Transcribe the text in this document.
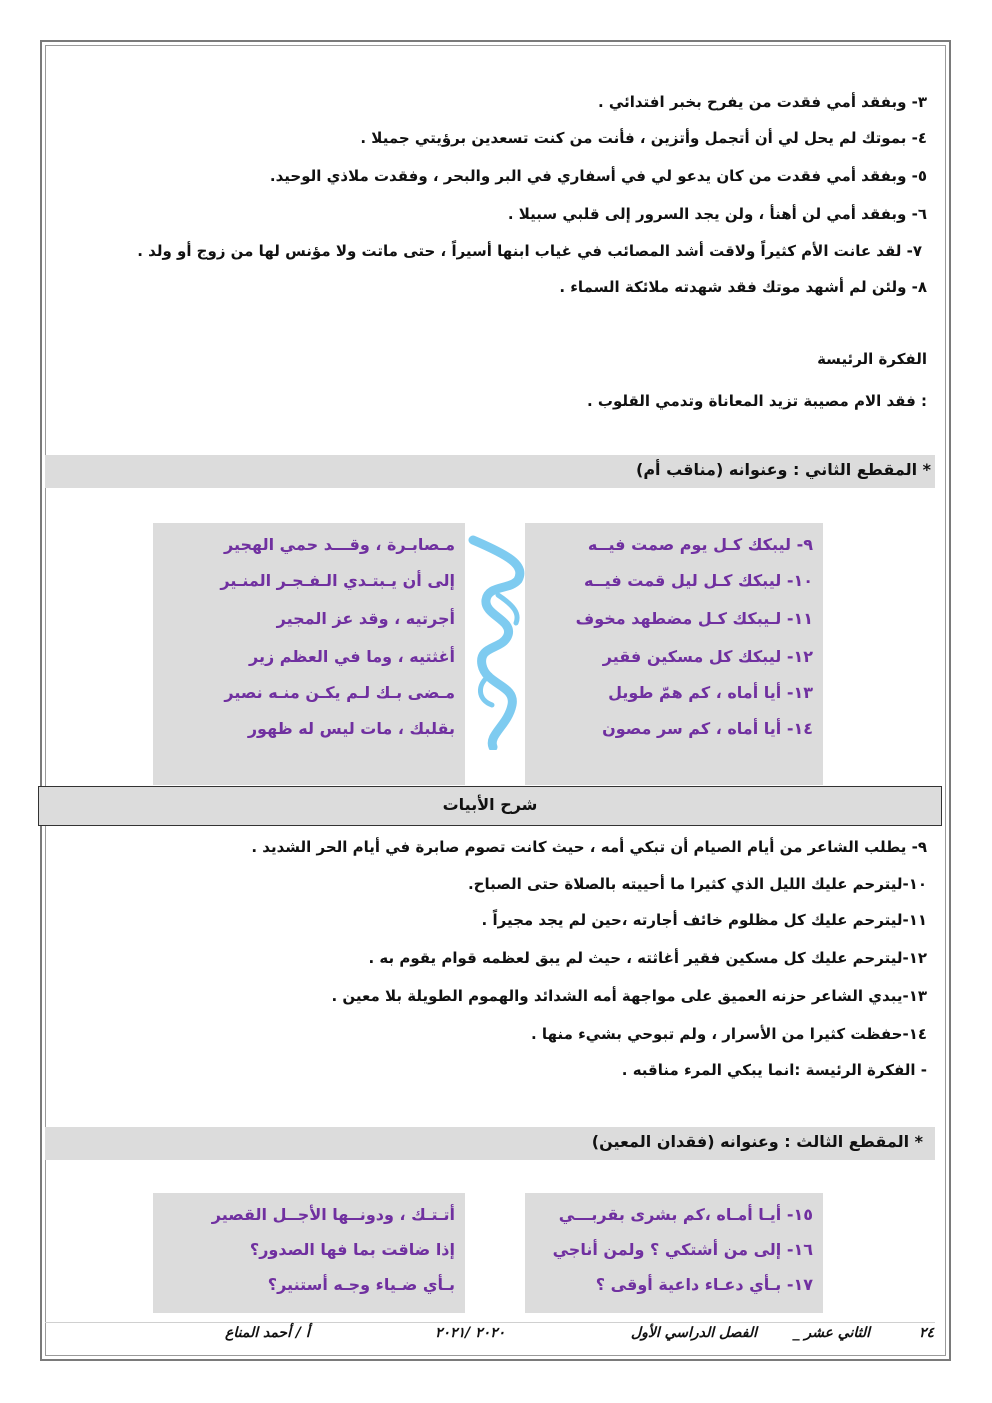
٣- وبفقد أمي فقدت من يفرح بخبر افتدائي .
٤- بموتك لم يحل لي أن أتجمل وأتزين ، فأنت من كنت تسعدين برؤيتي جميلا .
٥- وبفقد أمي فقدت من كان يدعو لي في أسفاري في البر والبحر ، وفقدت ملاذي الوحيد.
٦- وبفقد أمي لن أهنأ ، ولن يجد السرور إلى قلبي سبيلا .
٧- لقد عانت الأم كثيراً ولاقت أشد المصائب في غياب ابنها أسيراً ، حتى ماتت ولا مؤنس لها من زوج أو ولد .
٨- ولئن لم أشهد موتك فقد شهدته ملائكة السماء .
الفكرة الرئيسة
: فقد الام مصيبة تزيد المعاناة وتدمي القلوب .
* المقطع الثاني : وعنوانه (مناقب أم)
٩- ليبكك كـل يوم صمت فيــه
١٠- ليبكك كـل ليل قمت فيــه
١١- لـيبكك كـل مضطهد مخوف
١٢- ليبكك كل مسكين فقير
١٣- أيا أماه ، كم همّ طويل
١٤- أيا أماه ، كم سر مصون
مـصابـرة ، وقـــد حمي الهجير
إلى أن يـبتـدي الـفـجـر المنـير
أجرتيه ، وقد عز المجير
أغثتيه ، وما في العظم زير
مـضى بـك لـم يكـن منـه نصير
بقلبك ، مات ليس له ظهور
شرح الأبيات
٩- يطلب الشاعر من أيام الصيام أن تبكي أمه ، حيث كانت تصوم صابرة في أيام الحر الشديد .
١٠-ليترحم عليك الليل الذي كثيرا ما أحييته بالصلاة حتى الصباح.
١١-ليترحم عليك كل مظلوم خائف أجارته ،حين لم يجد مجيراً .
١٢-ليترحم عليك كل مسكين فقير أغاثته ، حيث لم يبق لعظمه قوام يقوم به .
١٣-يبدي الشاعر حزنه العميق على مواجهة أمه الشدائد والهموم الطويلة بلا معين .
١٤-حفظت كثيرا من الأسرار ، ولم تبوحي بشيء منها .
- الفكرة الرئيسة :انما يبكي المرء مناقبه .
* المقطع الثالث : وعنوانه (فقدان المعين)
١٥- أيـا أمـاه ،كم بشرى بقربـــي
١٦- إلى من أشتكي ؟ ولمن أناجي
١٧- بـأي دعـاء داعية أوقى ؟
أتـتـك ، ودونــها الأجــل القصير
إذا ضاقت بما فها الصدور؟
بـأي ضـياء وجـه أستنير؟
٢٤
الثاني عشر _
الفصل الدراسي الأول
٢٠٢٠ /٢٠٢١
أ / أحمد المناع
